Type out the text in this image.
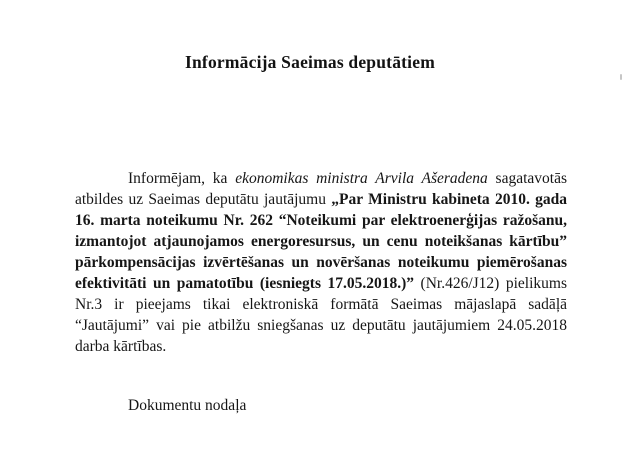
Informācija Saeimas deputātiem

Informējam, ka ekonomikas ministra Arvila Ašeradena sagatavotās atbildes uz Saeimas deputātu jautājumu „Par Ministru kabineta 2010. gada 16. marta noteikumu Nr. 262 “Noteikumi par elektroenerģijas ražošanu, izmantojot atjaunojamos energoresursus, un cenu noteikšanas kārtību” pārkompensācijas izvērtēšanas un novēršanas noteikumu piemērošanas efektivitāti un pamatotību (iesniegts 17.05.2018.)” (Nr.426/J12) pielikums Nr.3 ir pieejams tikai elektroniskā formātā Saeimas mājaslapā sadāļā “Jautājumi” vai pie atbilžu sniegšanas uz deputātu jautājumiem 24.05.2018 darba kārtības.

Dokumentu nodaļa
